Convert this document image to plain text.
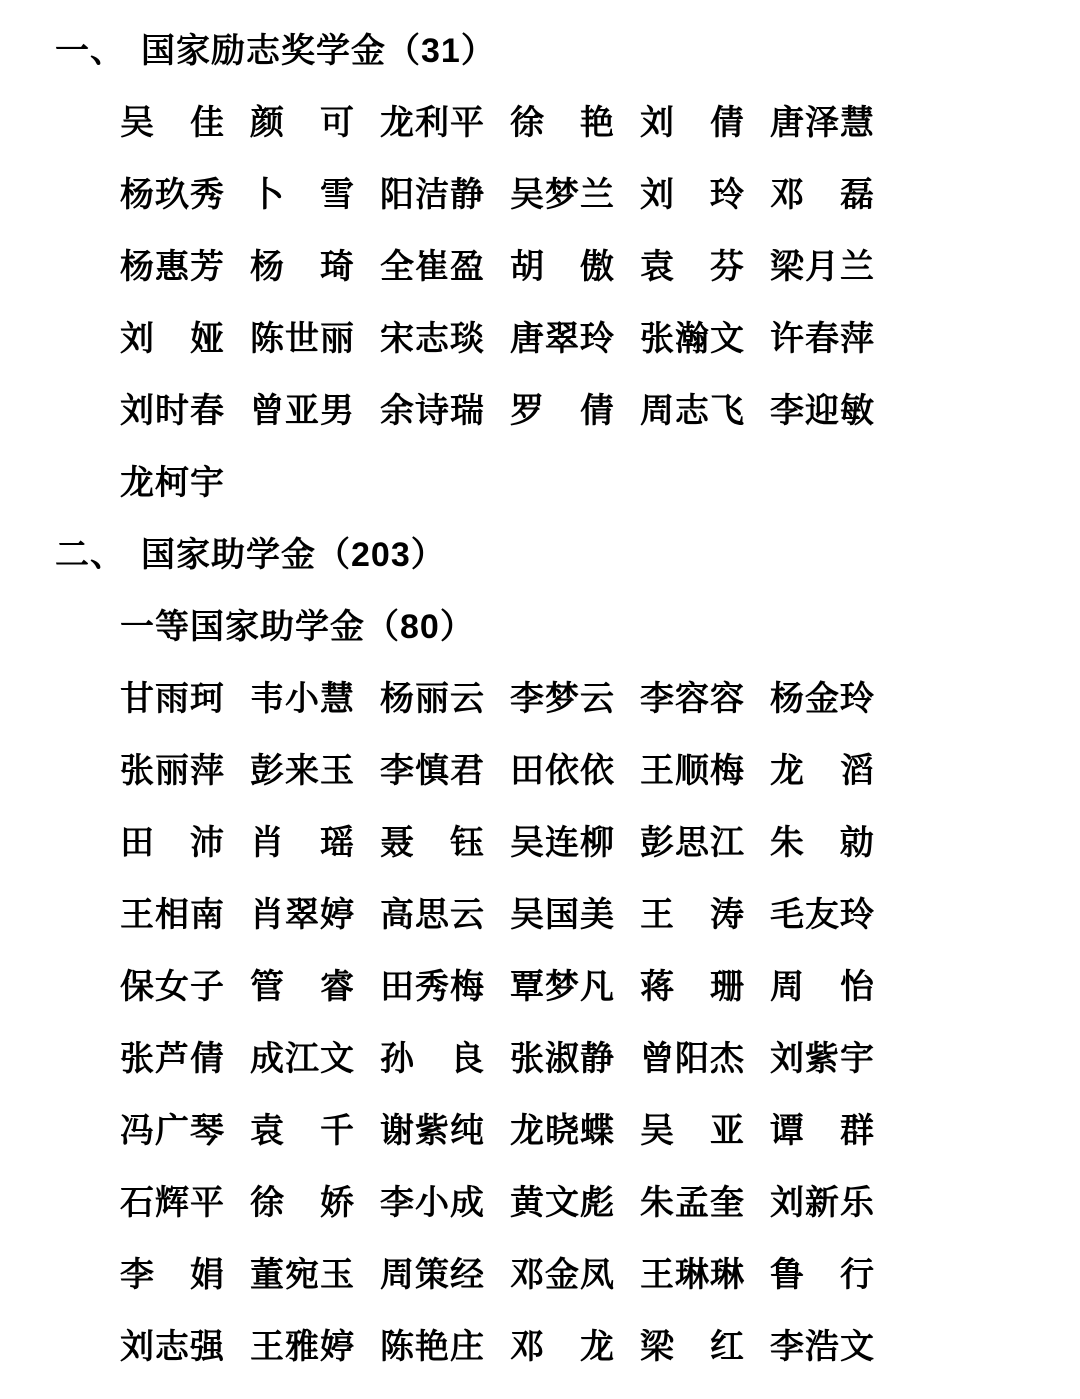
一、 国家励志奖学金（31）
吴 佳 颜 可 龙 利 平 徐 艳 刘 倩 唐 泽 慧
杨 玖 秀 卜 雪 阳 洁 静 吴 梦 兰 刘 玲 邓 磊
杨 惠 芳 杨 琦 全 崔 盈 胡 傲 袁 芬 梁 月 兰
刘 娅 陈 世 丽 宋 志 琰 唐 翠 玲 张 瀚 文 许 春 萍
刘 时 春 曾 亚 男 余 诗 瑞 罗 倩 周 志 飞 李 迎 敏
龙 柯 宇
二、 国家助学金（203）
一等国家助学金（80）
甘 雨 珂 韦 小 慧 杨 丽 云 李 梦 云 李 容 容 杨 金 玲
张 丽 萍 彭 来 玉 李 慎 君 田 依 依 王 顺 梅 龙 滔
田 沛 肖 瑶 聂 钰 吴 连 柳 彭 思 江 朱 勍
王 相 南 肖 翠 婷 高 思 云 吴 国 美 王 涛 毛 友 玲
保 女 子 管 睿 田 秀 梅 覃 梦 凡 蒋 珊 周 怡
张 芦 倩 成 江 文 孙 良 张 淑 静 曾 阳 杰 刘 紫 宇
冯 广 琴 袁 千 谢 紫 纯 龙 晓 蝶 吴 亚 谭 群
石 辉 平 徐 娇 李 小 成 黄 文 彪 朱 孟 奎 刘 新 乐
李 娟 董 宛 玉 周 策 经 邓 金 凤 王 琳 琳 鲁 行
刘 志 强 王 雅 婷 陈 艳 庄 邓 龙 梁 红 李 浩 文
